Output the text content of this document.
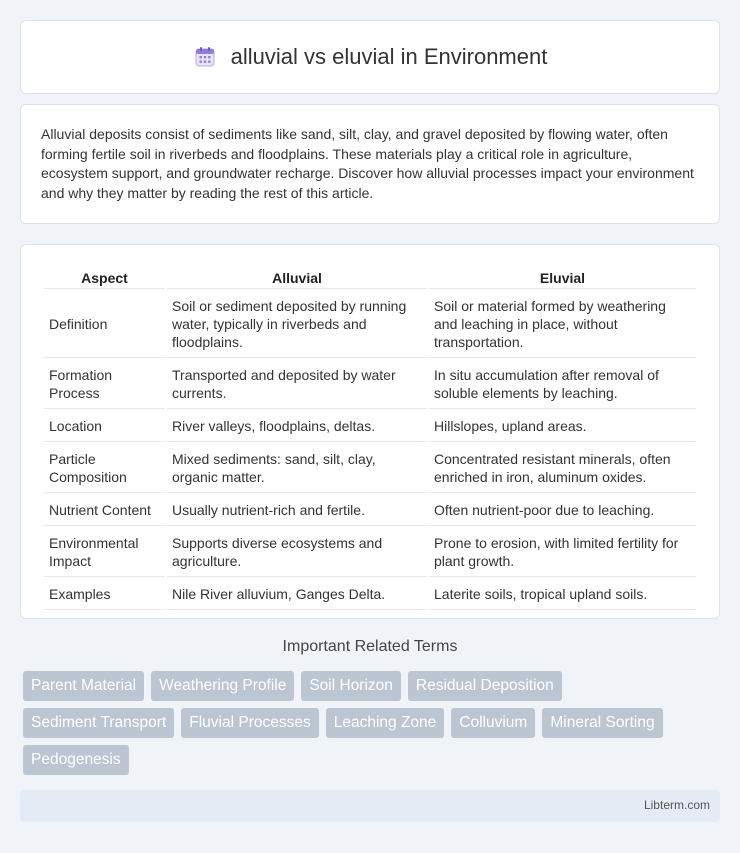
alluvial vs eluvial in Environment

Alluvial deposits consist of sediments like sand, silt, clay, and gravel deposited by flowing water, often forming fertile soil in riverbeds and floodplains. These materials play a critical role in agriculture, ecosystem support, and groundwater recharge. Discover how alluvial processes impact your environment and why they matter by reading the rest of this article.

Aspect	Alluvial	Eluvial
Definition	Soil or sediment deposited by running water, typically in riverbeds and floodplains.	Soil or material formed by weathering and leaching in place, without transportation.
Formation Process	Transported and deposited by water currents.	In situ accumulation after removal of soluble elements by leaching.
Location	River valleys, floodplains, deltas.	Hillslopes, upland areas.
Particle Composition	Mixed sediments: sand, silt, clay, organic matter.	Concentrated resistant minerals, often enriched in iron, aluminum oxides.
Nutrient Content	Usually nutrient-rich and fertile.	Often nutrient-poor due to leaching.
Environmental Impact	Supports diverse ecosystems and agriculture.	Prone to erosion, with limited fertility for plant growth.
Examples	Nile River alluvium, Ganges Delta.	Laterite soils, tropical upland soils.
Important Related Terms
Parent Material	Weathering Profile	Soil Horizon	Residual Deposition
Sediment Transport	Fluvial Processes	Leaching Zone	Colluvium	Mineral Sorting
Pedogenesis
Libterm.com
